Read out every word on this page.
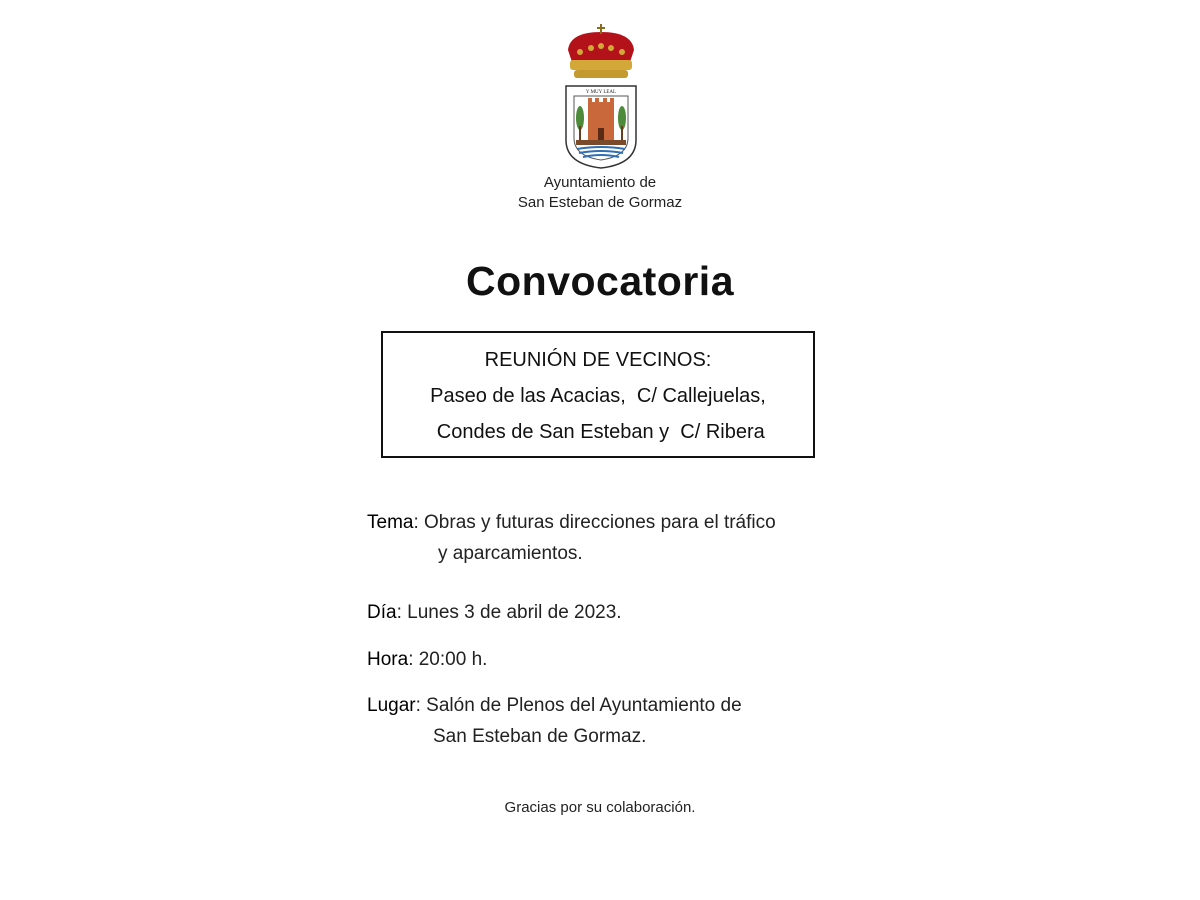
Y MUY LEAL
Ayuntamiento de
San Esteban de Gormaz
Convocatoria
REUNIÓN DE VECINOS:
Paseo de las Acacias,  C/ Callejuelas,
Condes de San Esteban y  C/ Ribera
Tema: Obras y futuras direcciones para el tráfico
y aparcamientos.
Día: Lunes 3 de abril de 2023.
Hora: 20:00 h.
Lugar: Salón de Plenos del Ayuntamiento de
San Esteban de Gormaz.
Gracias por su colaboración.
